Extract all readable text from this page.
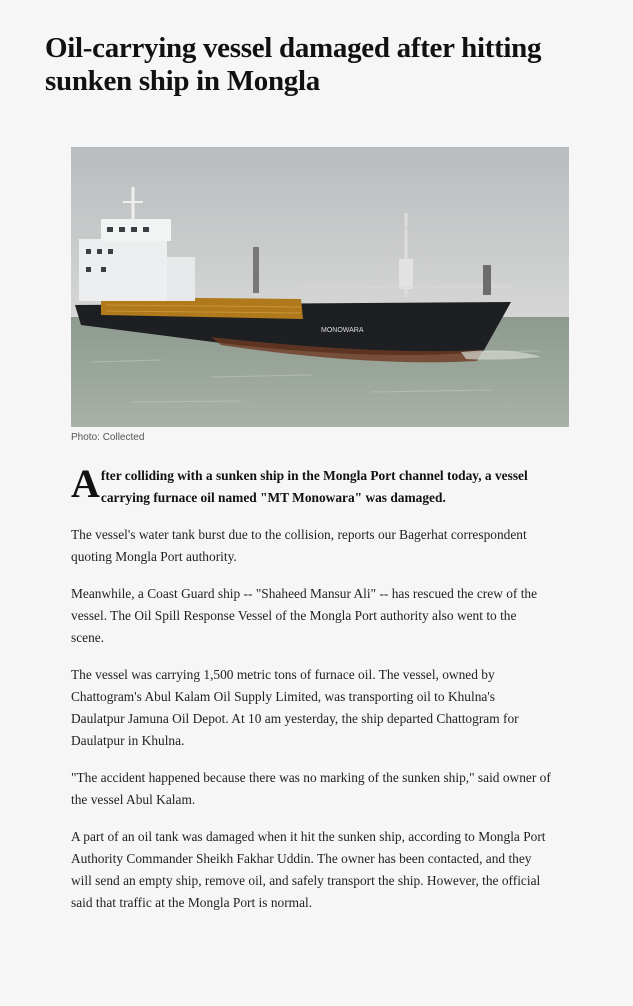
Oil-carrying vessel damaged after hitting sunken ship in Mongla
MONOWARA
Photo: Collected

After colliding with a sunken ship in the Mongla Port channel today, a vessel carrying furnace oil named "MT Monowara" was damaged.

The vessel's water tank burst due to the collision, reports our Bagerhat correspondent quoting Mongla Port authority.

Meanwhile, a Coast Guard ship -- "Shaheed Mansur Ali" -- has rescued the crew of the vessel. The Oil Spill Response Vessel of the Mongla Port authority also went to the scene.

The vessel was carrying 1,500 metric tons of furnace oil. The vessel, owned by Chattogram's Abul Kalam Oil Supply Limited, was transporting oil to Khulna's Daulatpur Jamuna Oil Depot. At 10 am yesterday, the ship departed Chattogram for Daulatpur in Khulna.

"The accident happened because there was no marking of the sunken ship," said owner of the vessel Abul Kalam.

A part of an oil tank was damaged when it hit the sunken ship, according to Mongla Port Authority Commander Sheikh Fakhar Uddin. The owner has been contacted, and they will send an empty ship, remove oil, and safely transport the ship. However, the official said that traffic at the Mongla Port is normal.
